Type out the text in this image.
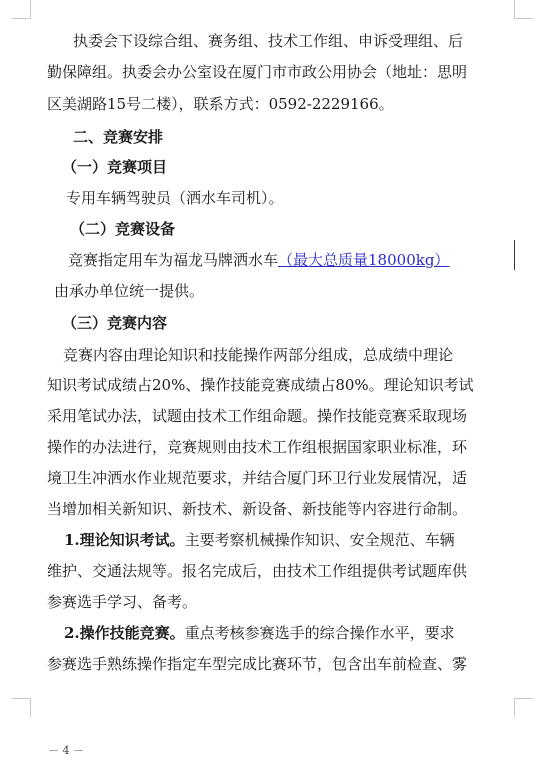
执委会下设综合组、赛务组、技术工作组、申诉受理组、后
勤保障组。执委会办公室设在厦门市市政公用协会（地址：思明
区美湖路15号二楼），联系方式：0592-2229166。
二、竞赛安排
（一）竞赛项目
专用车辆驾驶员（洒水车司机）。
（二）竞赛设备
竞赛指定用车为福龙马牌洒水车（最大总质量18000kg）
由承办单位统一提供。
（三）竞赛内容
竞赛内容由理论知识和技能操作两部分组成，总成绩中理论
知识考试成绩占20%、操作技能竞赛成绩占80%。理论知识考试
采用笔试办法，试题由技术工作组命题。操作技能竞赛采取现场
操作的办法进行，竞赛规则由技术工作组根据国家职业标准，环
境卫生冲洒水作业规范要求，并结合厦门环卫行业发展情况，适
当增加相关新知识、新技术、新设备、新技能等内容进行命制。
1.理论知识考试。主要考察机械操作知识、安全规范、车辆
维护、交通法规等。报名完成后，由技术工作组提供考试题库供
参赛选手学习、备考。
2.操作技能竞赛。重点考核参赛选手的综合操作水平，要求
参赛选手熟练操作指定车型完成比赛环节，包含出车前检查、雾
－ 4 －
